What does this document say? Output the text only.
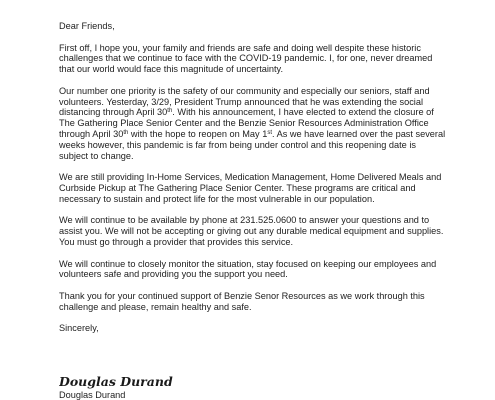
Dear Friends,

First off, I hope you, your family and friends are safe and doing well despite these historic
challenges that we continue to face with the COVID-19 pandemic. I, for one, never dreamed
that our world would face this magnitude of uncertainty.

Our number one priority is the safety of our community and especially our seniors, staff and
volunteers. Yesterday, 3/29, President Trump announced that he was extending the social
distancing through April 30th. With his announcement, I have elected to extend the closure of
The Gathering Place Senior Center and the Benzie Senior Resources Administration Office
through April 30th with the hope to reopen on May 1st. As we have learned over the past several
weeks however, this pandemic is far from being under control and this reopening date is
subject to change.

We are still providing In-Home Services, Medication Management, Home Delivered Meals and
Curbside Pickup at The Gathering Place Senior Center. These programs are critical and
necessary to sustain and protect life for the most vulnerable in our population.

We will continue to be available by phone at 231.525.0600 to answer your questions and to
assist you. We will not be accepting or giving out any durable medical equipment and supplies.
You must go through a provider that provides this service.

We will continue to closely monitor the situation, stay focused on keeping our employees and
volunteers safe and providing you the support you need.

Thank you for your continued support of Benzie Senor Resources as we work through this
challenge and please, remain healthy and safe.

Sincerely,

Douglas Durand
Douglas Durand
